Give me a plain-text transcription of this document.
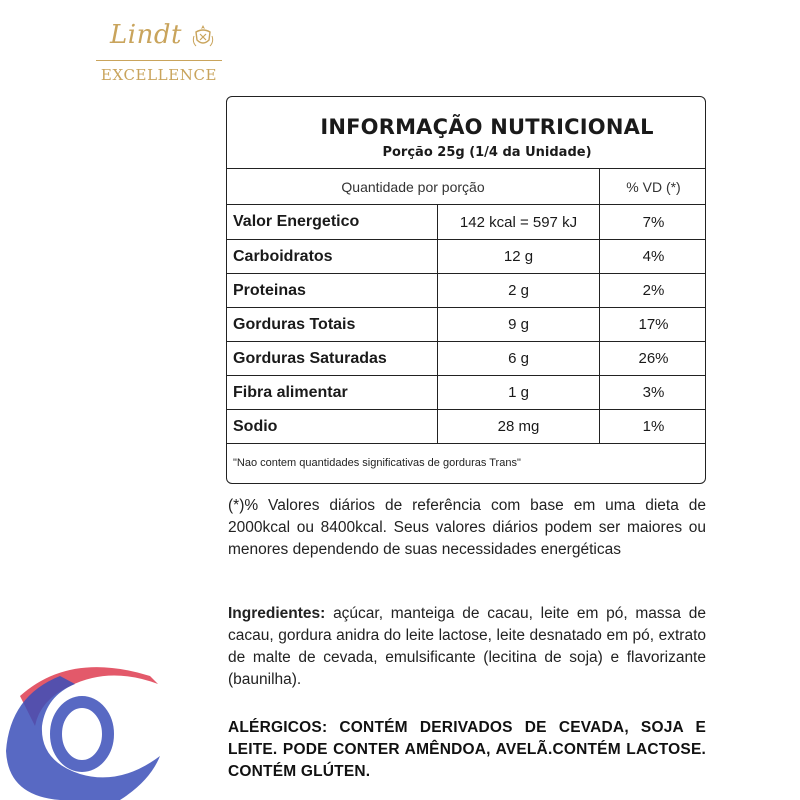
Lindt
EXCELLENCE
INFORMAÇÃO NUTRICIONAL
Porção 25g (1/4 da Unidade)
Quantidade por porção	% VD (*)
Valor Energetico	142 kcal = 597 kJ	7%
Carboidratos	12 g	4%
Proteinas	2 g	2%
Gorduras Totais	9 g	17%
Gorduras Saturadas	6 g	26%
Fibra alimentar	1 g	3%
Sodio	28 mg	1%
"Nao contem quantidades significativas de gorduras Trans"
(*)% Valores diários de referência com base em uma dieta de 2000kcal ou 8400kcal. Seus valores diários podem ser maiores ou menores dependendo de suas necessidades energéticas
Ingredientes: açúcar, manteiga de cacau, leite em pó, massa de cacau, gordura anidra do leite lactose, leite desnatado em pó, extrato de malte de cevada, emulsificante (lecitina de soja) e flavorizante (baunilha).
ALÉRGICOS: CONTÉM DERIVADOS DE CEVADA, SOJA E LEITE. PODE CONTER AMÊNDOA, AVELÃ.CONTÉM LACTOSE. CONTÉM GLÚTEN.
